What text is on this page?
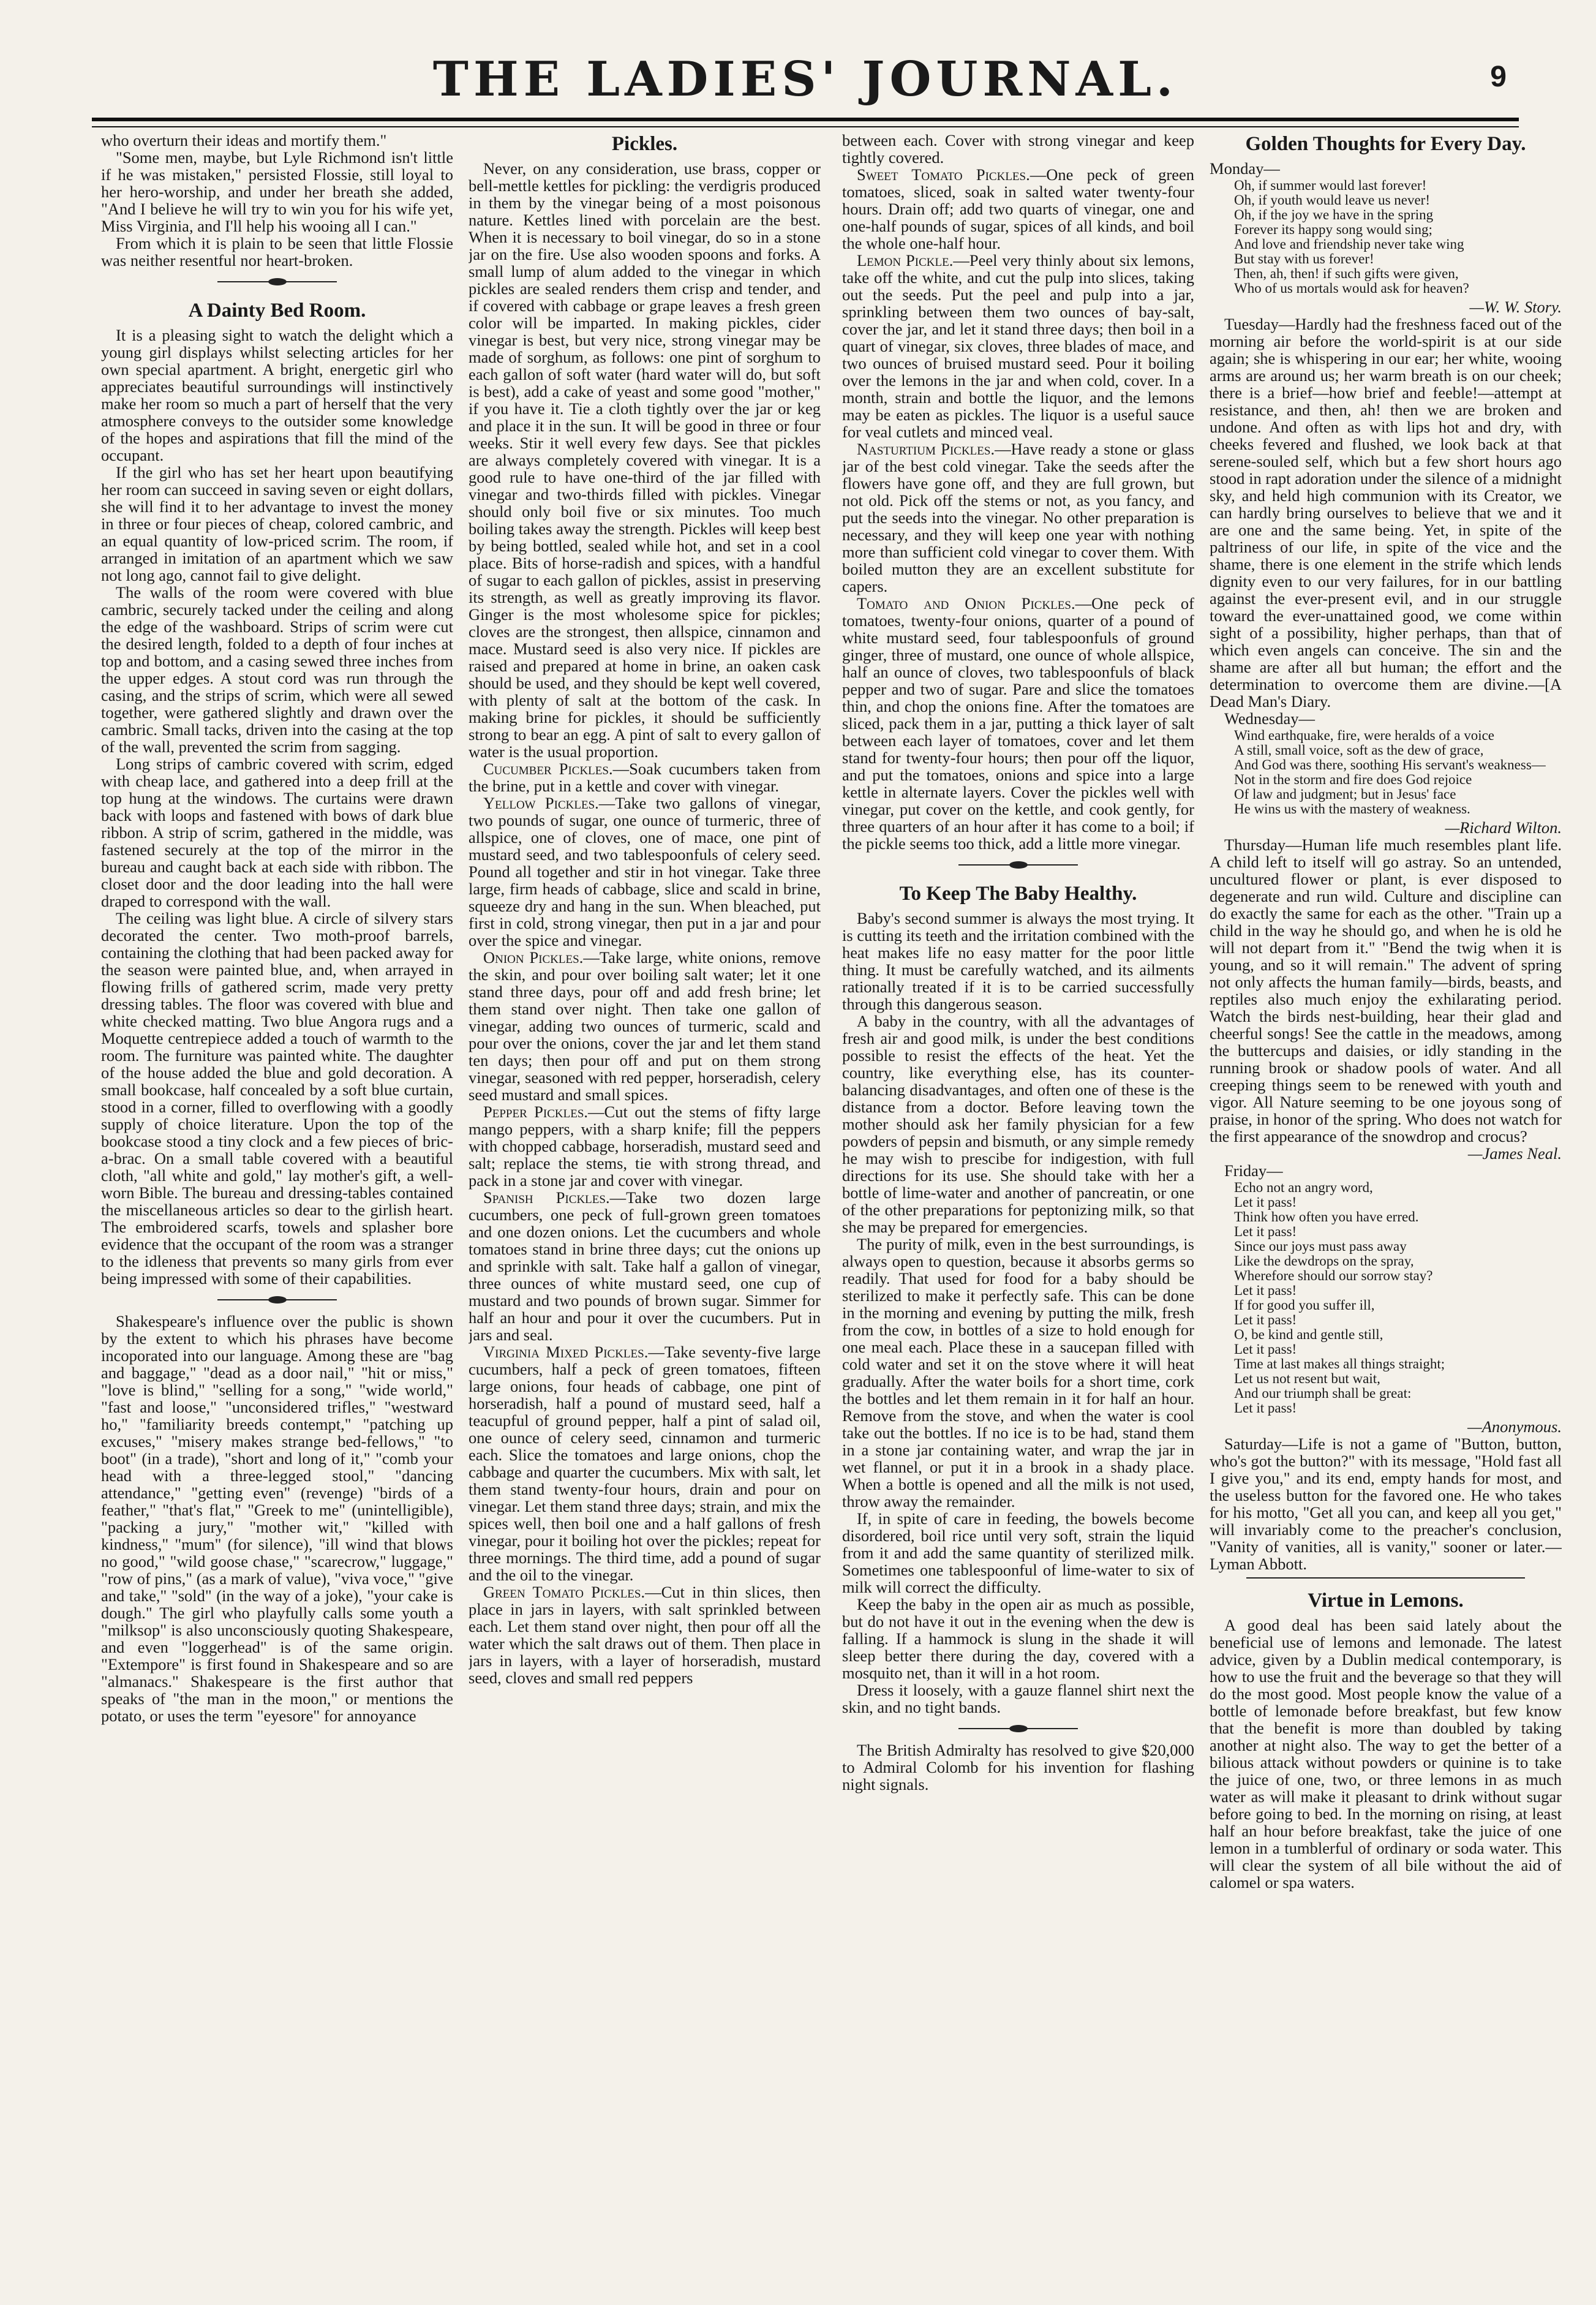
THE LADIES' JOURNAL.	9

who overturn their ideas and mortify them."

"Some men, maybe, but Lyle Richmond isn't little if he was mistaken," persisted Flossie, still loyal to her hero-worship, and under her breath she added, "And I believe he will try to win you for his wife yet, Miss Virginia, and I'll help his wooing all I can."

From which it is plain to be seen that little Flossie was neither resentful nor heart-broken.

A Dainty Bed Room.

It is a pleasing sight to watch the delight which a young girl displays whilst selecting articles for her own special apartment. A bright, energetic girl who appreciates beautiful surroundings will instinctively make her room so much a part of herself that the very atmosphere conveys to the outsider some knowledge of the hopes and aspirations that fill the mind of the occupant.

If the girl who has set her heart upon beautifying her room can succeed in saving seven or eight dollars, she will find it to her advantage to invest the money in three or four pieces of cheap, colored cambric, and an equal quantity of low-priced scrim. The room, if arranged in imitation of an apartment which we saw not long ago, cannot fail to give delight.

The walls of the room were covered with blue cambric, securely tacked under the ceiling and along the edge of the washboard. Strips of scrim were cut the desired length, folded to a depth of four inches at top and bottom, and a casing sewed three inches from the upper edges. A stout cord was run through the casing, and the strips of scrim, which were all sewed together, were gathered slightly and drawn over the cambric. Small tacks, driven into the casing at the top of the wall, prevented the scrim from sagging.

Long strips of cambric covered with scrim, edged with cheap lace, and gathered into a deep frill at the top hung at the windows. The curtains were drawn back with loops and fastened with bows of dark blue ribbon. A strip of scrim, gathered in the middle, was fastened securely at the top of the mirror in the bureau and caught back at each side with ribbon. The closet door and the door leading into the hall were draped to correspond with the wall.

The ceiling was light blue. A circle of silvery stars decorated the center. Two moth-proof barrels, containing the clothing that had been packed away for the season were painted blue, and, when arrayed in flowing frills of gathered scrim, made very pretty dressing tables. The floor was covered with blue and white checked matting. Two blue Angora rugs and a Moquette centrepiece added a touch of warmth to the room. The furniture was painted white. The daughter of the house added the blue and gold decoration. A small bookcase, half concealed by a soft blue curtain, stood in a corner, filled to overflowing with a goodly supply of choice literature. Upon the top of the bookcase stood a tiny clock and a few pieces of bric-a-brac. On a small table covered with a beautiful cloth, "all white and gold," lay mother's gift, a well-worn Bible. The bureau and dressing-tables contained the miscellaneous articles so dear to the girlish heart. The embroidered scarfs, towels and splasher bore evidence that the occupant of the room was a stranger to the idleness that prevents so many girls from ever being impressed with some of their capabilities.

Shakespeare's influence over the public is shown by the extent to which his phrases have become incoporated into our language. Among these are "bag and baggage," "dead as a door nail," "hit or miss," "love is blind," "selling for a song," "wide world," "fast and loose," "unconsidered trifles," "westward ho," "familiarity breeds contempt," "patching up excuses," "misery makes strange bed-fellows," "to boot" (in a trade), "short and long of it," "comb your head with a three-legged stool," "dancing attendance," "getting even" (revenge) "birds of a feather," "that's flat," "Greek to me" (unintelligible), "packing a jury," "mother wit," "killed with kindness," "mum" (for silence), "ill wind that blows no good," "wild goose chase," "scarecrow," luggage," "row of pins," (as a mark of value), "viva voce," "give and take," "sold" (in the way of a joke), "your cake is dough." The girl who playfully calls some youth a "milksop" is also unconsciously quoting Shakespeare, and even "loggerhead" is of the same origin. "Extempore" is first found in Shakespeare and so are "almanacs." Shakespeare is the first author that speaks of "the man in the moon," or mentions the potato, or uses the term "eyesore" for annoyance

Pickles.

Never, on any consideration, use brass, copper or bell-mettle kettles for pickling: the verdigris produced in them by the vinegar being of a most poisonous nature. Kettles lined with porcelain are the best. When it is necessary to boil vinegar, do so in a stone jar on the fire. Use also wooden spoons and forks. A small lump of alum added to the vinegar in which pickles are sealed renders them crisp and tender, and if covered with cabbage or grape leaves a fresh green color will be imparted. In making pickles, cider vinegar is best, but very nice, strong vinegar may be made of sorghum, as follows: one pint of sorghum to each gallon of soft water (hard water will do, but soft is best), add a cake of yeast and some good "mother," if you have it. Tie a cloth tightly over the jar or keg and place it in the sun. It will be good in three or four weeks. Stir it well every few days. See that pickles are always completely covered with vinegar. It is a good rule to have one-third of the jar filled with vinegar and two-thirds filled with pickles. Vinegar should only boil five or six minutes. Too much boiling takes away the strength. Pickles will keep best by being bottled, sealed while hot, and set in a cool place. Bits of horse-radish and spices, with a handful of sugar to each gallon of pickles, assist in preserving its strength, as well as greatly improving its flavor. Ginger is the most wholesome spice for pickles; cloves are the strongest, then allspice, cinnamon and mace. Mustard seed is also very nice. If pickles are raised and prepared at home in brine, an oaken cask should be used, and they should be kept well covered, with plenty of salt at the bottom of the cask. In making brine for pickles, it should be sufficiently strong to bear an egg. A pint of salt to every gallon of water is the usual proportion.

Cucumber Pickles.—Soak cucumbers taken from the brine, put in a kettle and cover with vinegar.

Yellow Pickles.—Take two gallons of vinegar, two pounds of sugar, one ounce of turmeric, three of allspice, one of cloves, one of mace, one pint of mustard seed, and two tablespoonfuls of celery seed. Pound all together and stir in hot vinegar. Take three large, firm heads of cabbage, slice and scald in brine, squeeze dry and hang in the sun. When bleached, put first in cold, strong vinegar, then put in a jar and pour over the spice and vinegar.

Onion Pickles.—Take large, white onions, remove the skin, and pour over boiling salt water; let it one stand three days, pour off and add fresh brine; let them stand over night. Then take one gallon of vinegar, adding two ounces of turmeric, scald and pour over the onions, cover the jar and let them stand ten days; then pour off and put on them strong vinegar, seasoned with red pepper, horseradish, celery seed mustard and small spices.

Pepper Pickles.—Cut out the stems of fifty large mango peppers, with a sharp knife; fill the peppers with chopped cabbage, horseradish, mustard seed and salt; replace the stems, tie with strong thread, and pack in a stone jar and cover with vinegar.

Spanish Pickles.—Take two dozen large cucumbers, one peck of full-grown green tomatoes and one dozen onions. Let the cucumbers and whole tomatoes stand in brine three days; cut the onions up and sprinkle with salt. Take half a gallon of vinegar, three ounces of white mustard seed, one cup of mustard and two pounds of brown sugar. Simmer for half an hour and pour it over the cucumbers. Put in jars and seal.

Virginia Mixed Pickles.—Take seventy-five large cucumbers, half a peck of green tomatoes, fifteen large onions, four heads of cabbage, one pint of horseradish, half a pound of mustard seed, half a teacupful of ground pepper, half a pint of salad oil, one ounce of celery seed, cinnamon and turmeric each. Slice the tomatoes and large onions, chop the cabbage and quarter the cucumbers. Mix with salt, let them stand twenty-four hours, drain and pour on vinegar. Let them stand three days; strain, and mix the spices well, then boil one and a half gallons of fresh vinegar, pour it boiling hot over the pickles; repeat for three mornings. The third time, add a pound of sugar and the oil to the vinegar.

Green Tomato Pickles.—Cut in thin slices, then place in jars in layers, with salt sprinkled between each. Let them stand over night, then pour off all the water which the salt draws out of them. Then place in jars in layers, with a layer of horseradish, mustard seed, cloves and small red peppers

between each. Cover with strong vinegar and keep tightly covered.

Sweet Tomato Pickles.—One peck of green tomatoes, sliced, soak in salted water twenty-four hours. Drain off; add two quarts of vinegar, one and one-half pounds of sugar, spices of all kinds, and boil the whole one-half hour.

Lemon Pickle.—Peel very thinly about six lemons, take off the white, and cut the pulp into slices, taking out the seeds. Put the peel and pulp into a jar, sprinkling between them two ounces of bay-salt, cover the jar, and let it stand three days; then boil in a quart of vinegar, six cloves, three blades of mace, and two ounces of bruised mustard seed. Pour it boiling over the lemons in the jar and when cold, cover. In a month, strain and bottle the liquor, and the lemons may be eaten as pickles. The liquor is a useful sauce for veal cutlets and minced veal.

Nasturtium Pickles.—Have ready a stone or glass jar of the best cold vinegar. Take the seeds after the flowers have gone off, and they are full grown, but not old. Pick off the stems or not, as you fancy, and put the seeds into the vinegar. No other preparation is necessary, and they will keep one year with nothing more than sufficient cold vinegar to cover them. With boiled mutton they are an excellent substitute for capers.

Tomato and Onion Pickles.—One peck of tomatoes, twenty-four onions, quarter of a pound of white mustard seed, four tablespoonfuls of ground ginger, three of mustard, one ounce of whole allspice, half an ounce of cloves, two tablespoonfuls of black pepper and two of sugar. Pare and slice the tomatoes thin, and chop the onions fine. After the tomatoes are sliced, pack them in a jar, putting a thick layer of salt between each layer of tomatoes, cover and let them stand for twenty-four hours; then pour off the liquor, and put the tomatoes, onions and spice into a large kettle in alternate layers. Cover the pickles well with vinegar, put cover on the kettle, and cook gently, for three quarters of an hour after it has come to a boil; if the pickle seems too thick, add a little more vinegar.

To Keep The Baby Healthy.

Baby's second summer is always the most trying. It is cutting its teeth and the irritation combined with the heat makes life no easy matter for the poor little thing. It must be carefully watched, and its ailments rationally treated if it is to be carried successfully through this dangerous season.

A baby in the country, with all the advantages of fresh air and good milk, is under the best conditions possible to resist the effects of the heat. Yet the country, like everything else, has its counter-balancing disadvantages, and often one of these is the distance from a doctor. Before leaving town the mother should ask her family physician for a few powders of pepsin and bismuth, or any simple remedy he may wish to prescibe for indigestion, with full directions for its use. She should take with her a bottle of lime-water and another of pancreatin, or one of the other preparations for peptonizing milk, so that she may be prepared for emergencies.

The purity of milk, even in the best surroundings, is always open to question, because it absorbs germs so readily. That used for food for a baby should be sterilized to make it perfectly safe. This can be done in the morning and evening by putting the milk, fresh from the cow, in bottles of a size to hold enough for one meal each. Place these in a saucepan filled with cold water and set it on the stove where it will heat gradually. After the water boils for a short time, cork the bottles and let them remain in it for half an hour. Remove from the stove, and when the water is cool take out the bottles. If no ice is to be had, stand them in a stone jar containing water, and wrap the jar in wet flannel, or put it in a brook in a shady place. When a bottle is opened and all the milk is not used, throw away the remainder.

If, in spite of care in feeding, the bowels become disordered, boil rice until very soft, strain the liquid from it and add the same quantity of sterilized milk. Sometimes one tablespoonful of lime-water to six of milk will correct the difficulty.

Keep the baby in the open air as much as possible, but do not have it out in the evening when the dew is falling. If a hammock is slung in the shade it will sleep better there during the day, covered with a mosquito net, than it will in a hot room.

Dress it loosely, with a gauze flannel shirt next the skin, and no tight bands.

The British Admiralty has resolved to give $20,000 to Admiral Colomb for his invention for flashing night signals.

Golden Thoughts for Every Day.

Monday—

Oh, if summer would last forever!
Oh, if youth would leave us never!
Oh, if the joy we have in the spring
Forever its happy song would sing;
And love and friendship never take wing
But stay with us forever!
Then, ah, then! if such gifts were given,
Who of us mortals would ask for heaven?

—W. W. Story.

Tuesday—Hardly had the freshness faced out of the morning air before the world-spirit is at our side again; she is whispering in our ear; her white, wooing arms are around us; her warm breath is on our cheek; there is a brief—how brief and feeble!—attempt at resistance, and then, ah! then we are broken and undone. And often as with lips hot and dry, with cheeks fevered and flushed, we look back at that serene-souled self, which but a few short hours ago stood in rapt adoration under the silence of a midnight sky, and held high communion with its Creator, we can hardly bring ourselves to believe that we and it are one and the same being. Yet, in spite of the paltriness of our life, in spite of the vice and the shame, there is one element in the strife which lends dignity even to our very failures, for in our battling against the ever-present evil, and in our struggle toward the ever-unattained good, we come within sight of a possibility, higher perhaps, than that of which even angels can conceive. The sin and the shame are after all but human; the effort and the determination to overcome them are divine.—[A Dead Man's Diary.

Wednesday—

Wind earthquake, fire, were heralds of a voice
A still, small voice, soft as the dew of grace,
And God was there, soothing His servant's weakness—
Not in the storm and fire does God rejoice
Of law and judgment; but in Jesus' face
He wins us with the mastery of weakness.

—Richard Wilton.

Thursday—Human life much resembles plant life. A child left to itself will go astray. So an untended, uncultured flower or plant, is ever disposed to degenerate and run wild. Culture and discipline can do exactly the same for each as the other. "Train up a child in the way he should go, and when he is old he will not depart from it." "Bend the twig when it is young, and so it will remain." The advent of spring not only affects the human family—birds, beasts, and reptiles also much enjoy the exhilarating period. Watch the birds nest-building, hear their glad and cheerful songs! See the cattle in the meadows, among the buttercups and daisies, or idly standing in the running brook or shadow pools of water. And all creeping things seem to be renewed with youth and vigor. All Nature seeming to be one joyous song of praise, in honor of the spring. Who does not watch for the first appearance of the snowdrop and crocus?

—James Neal.

Friday—

Echo not an angry word,
Let it pass!
Think how often you have erred.
Let it pass!
Since our joys must pass away
Like the dewdrops on the spray,
Wherefore should our sorrow stay?
Let it pass!
If for good you suffer ill,
Let it pass!
O, be kind and gentle still,
Let it pass!
Time at last makes all things straight;
Let us not resent but wait,
And our triumph shall be great:
Let it pass!

—Anonymous.

Saturday—Life is not a game of "Button, button, who's got the button?" with its message, "Hold fast all I give you," and its end, empty hands for most, and the useless button for the favored one. He who takes for his motto, "Get all you can, and keep all you get," will invariably come to the preacher's conclusion, "Vanity of vanities, all is vanity," sooner or later.—Lyman Abbott.

Virtue in Lemons.

A good deal has been said lately about the beneficial use of lemons and lemonade. The latest advice, given by a Dublin medical contemporary, is how to use the fruit and the beverage so that they will do the most good. Most people know the value of a bottle of lemonade before breakfast, but few know that the benefit is more than doubled by taking another at night also. The way to get the better of a bilious attack without powders or quinine is to take the juice of one, two, or three lemons in as much water as will make it pleasant to drink without sugar before going to bed. In the morning on rising, at least half an hour before breakfast, take the juice of one lemon in a tumblerful of ordinary or soda water. This will clear the system of all bile without the aid of calomel or spa waters.
